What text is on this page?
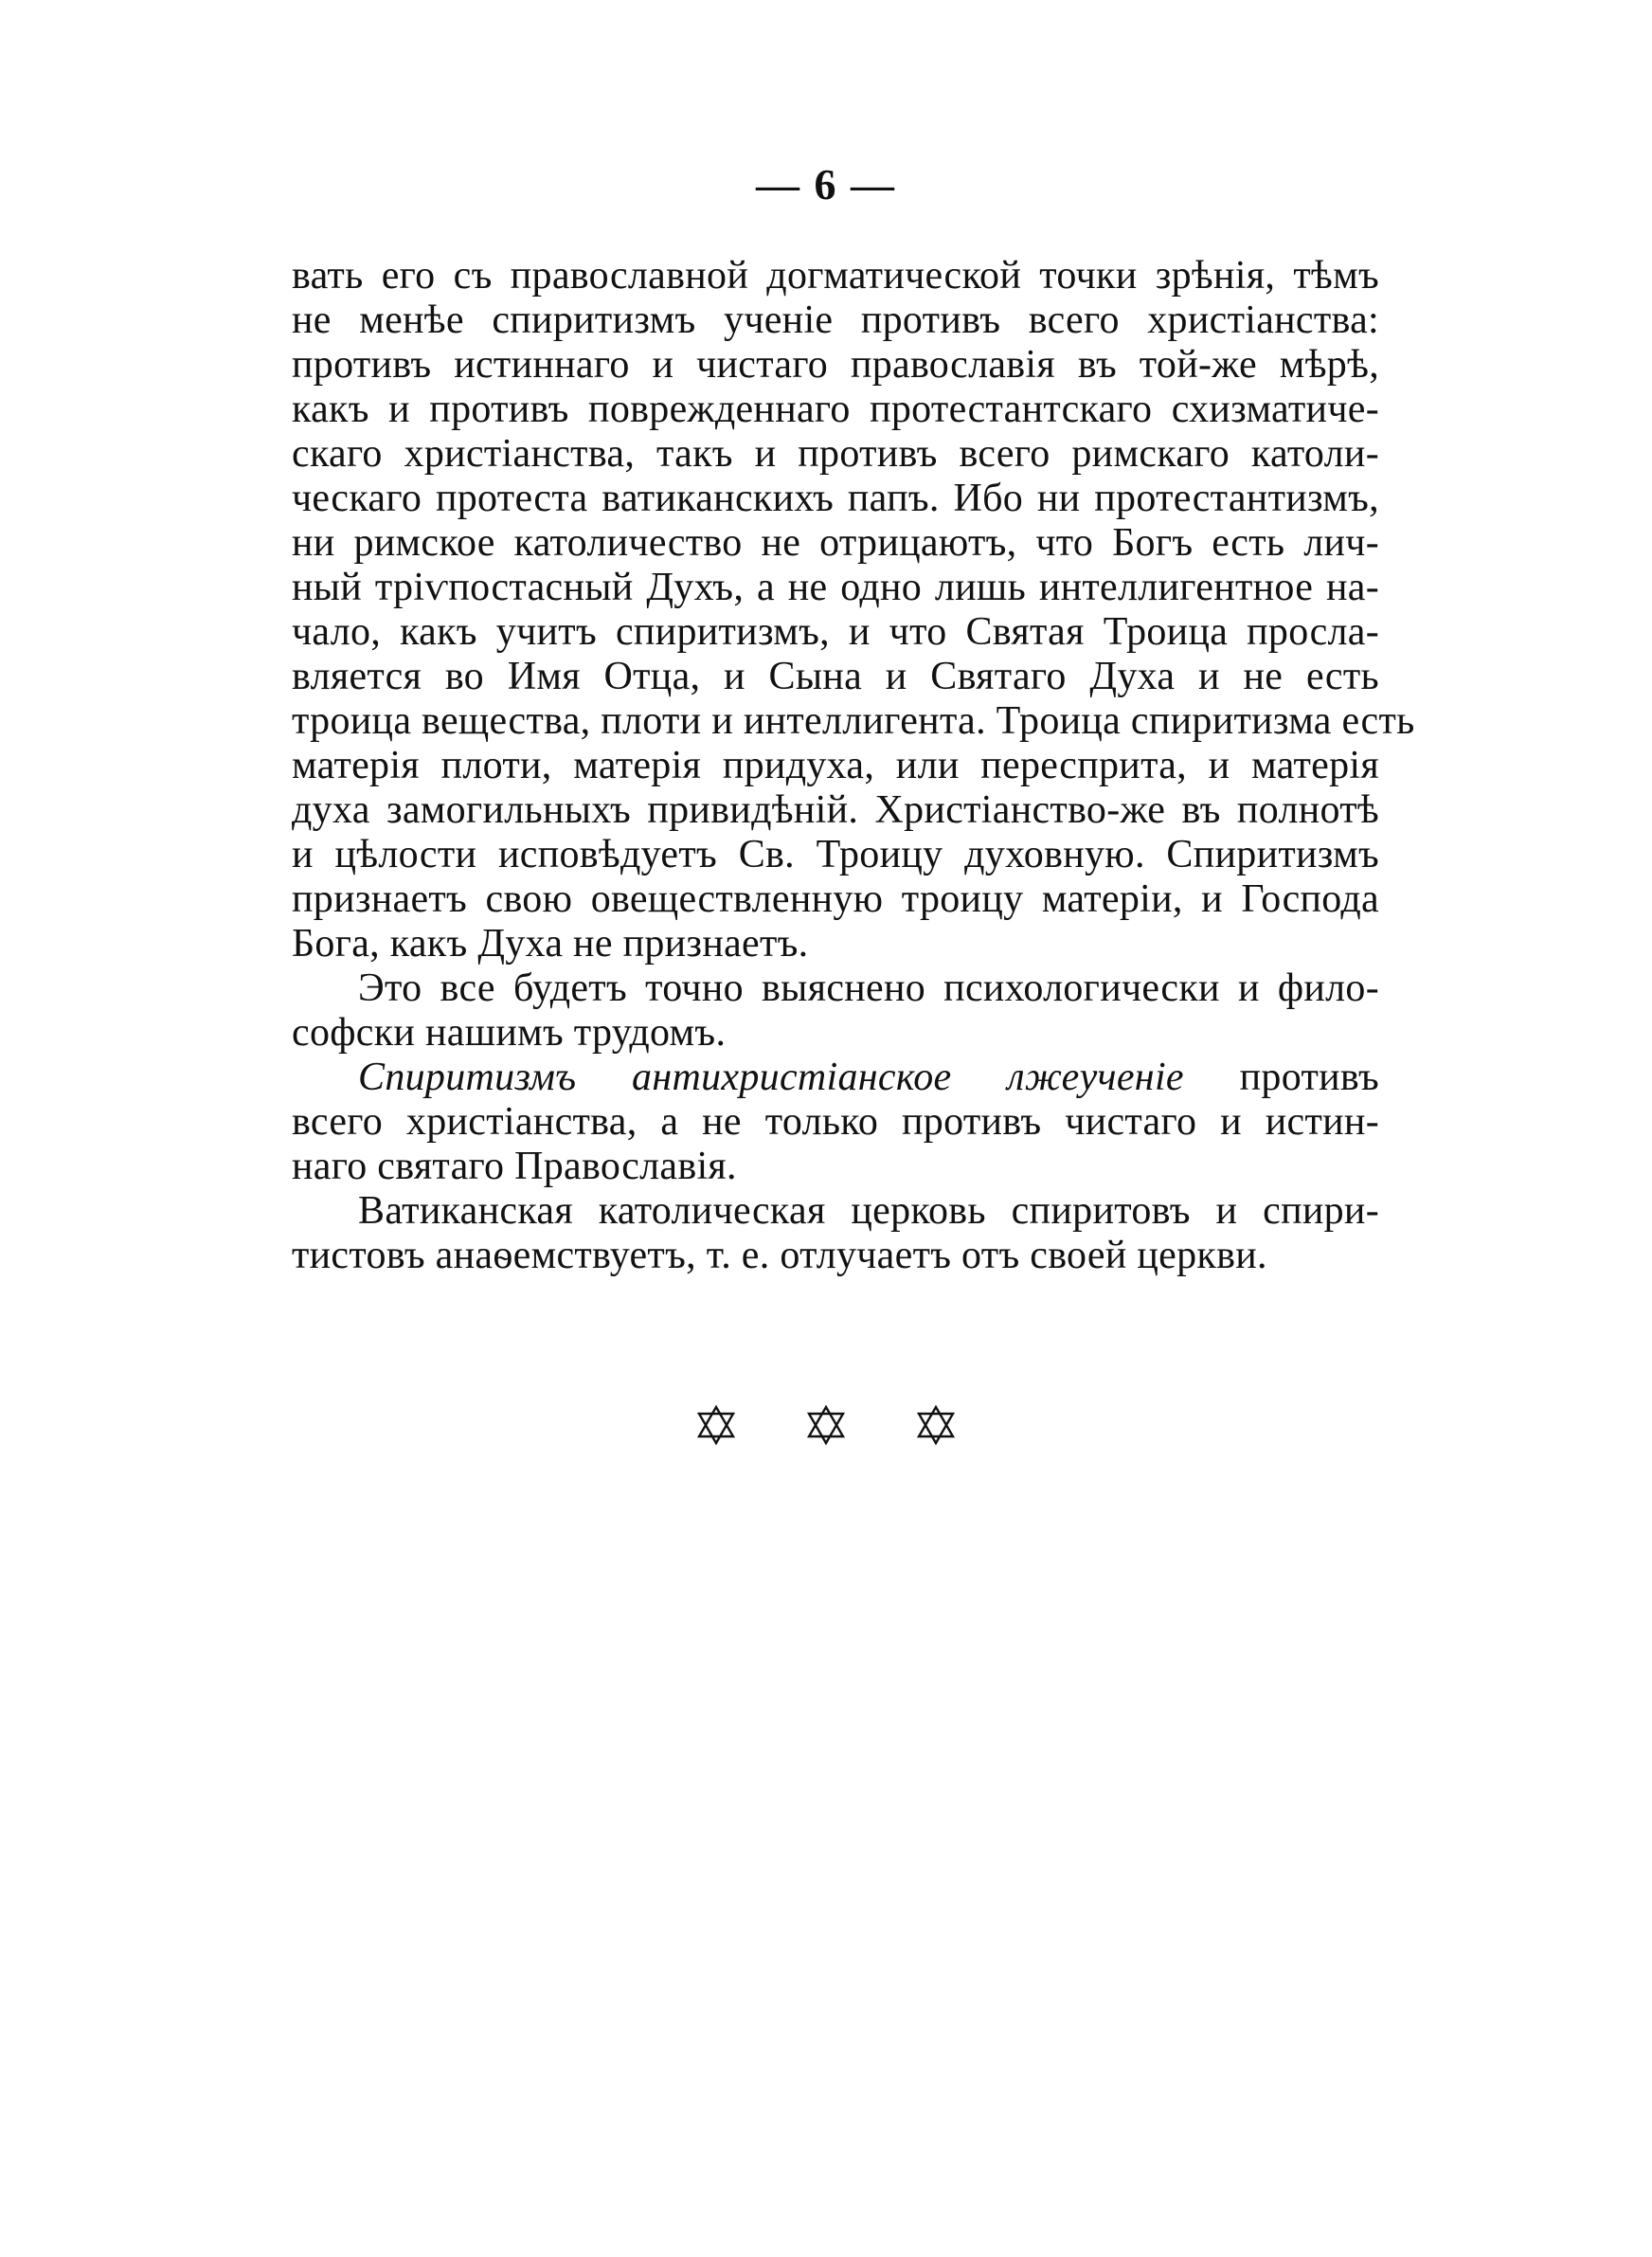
— 6 —
вать его съ православной догматической точки зрѣнія, тѣмъ
не менѣе спиритизмъ ученіе противъ всего христіанства:
противъ истиннаго и чистаго православія въ той-же мѣрѣ,
какъ и противъ поврежденнаго протестантскаго схизматиче-
скаго христіанства, такъ и противъ всего римскаго католи-
ческаго протеста ватиканскихъ папъ. Ибо ни протестантизмъ,
ни римское католичество не отрицаютъ, что Богъ есть лич-
ный тріѵпостасный Духъ, а не одно лишь интеллигентное на-
чало, какъ учитъ спиритизмъ, и что Святая Троица просла-
вляется во Имя Отца, и Сына и Святаго Духа и не есть
троица вещества, плоти и интеллигента. Троица спиритизма есть
матерія плоти, матерія придуха, или пересприта, и матерія
духа замогильныхъ привидѣній. Христіанство-же въ полнотѣ
и цѣлости исповѣдуетъ Св. Троицу духовную. Спиритизмъ
признаетъ свою овеществленную троицу матеріи, и Господа
Бога, какъ Духа не признаетъ.
Это все будетъ точно выяснено психологически и фило-
софски нашимъ трудомъ.
Спиритизмъ антихристіанское лжеученіе противъ
всего христіанства, а не только противъ чистаго и истин-
наго святаго Православія.
Ватиканская католическая церковь спиритовъ и спири-
тистовъ анаѳемствуетъ, т. е. отлучаетъ отъ своей церкви.
